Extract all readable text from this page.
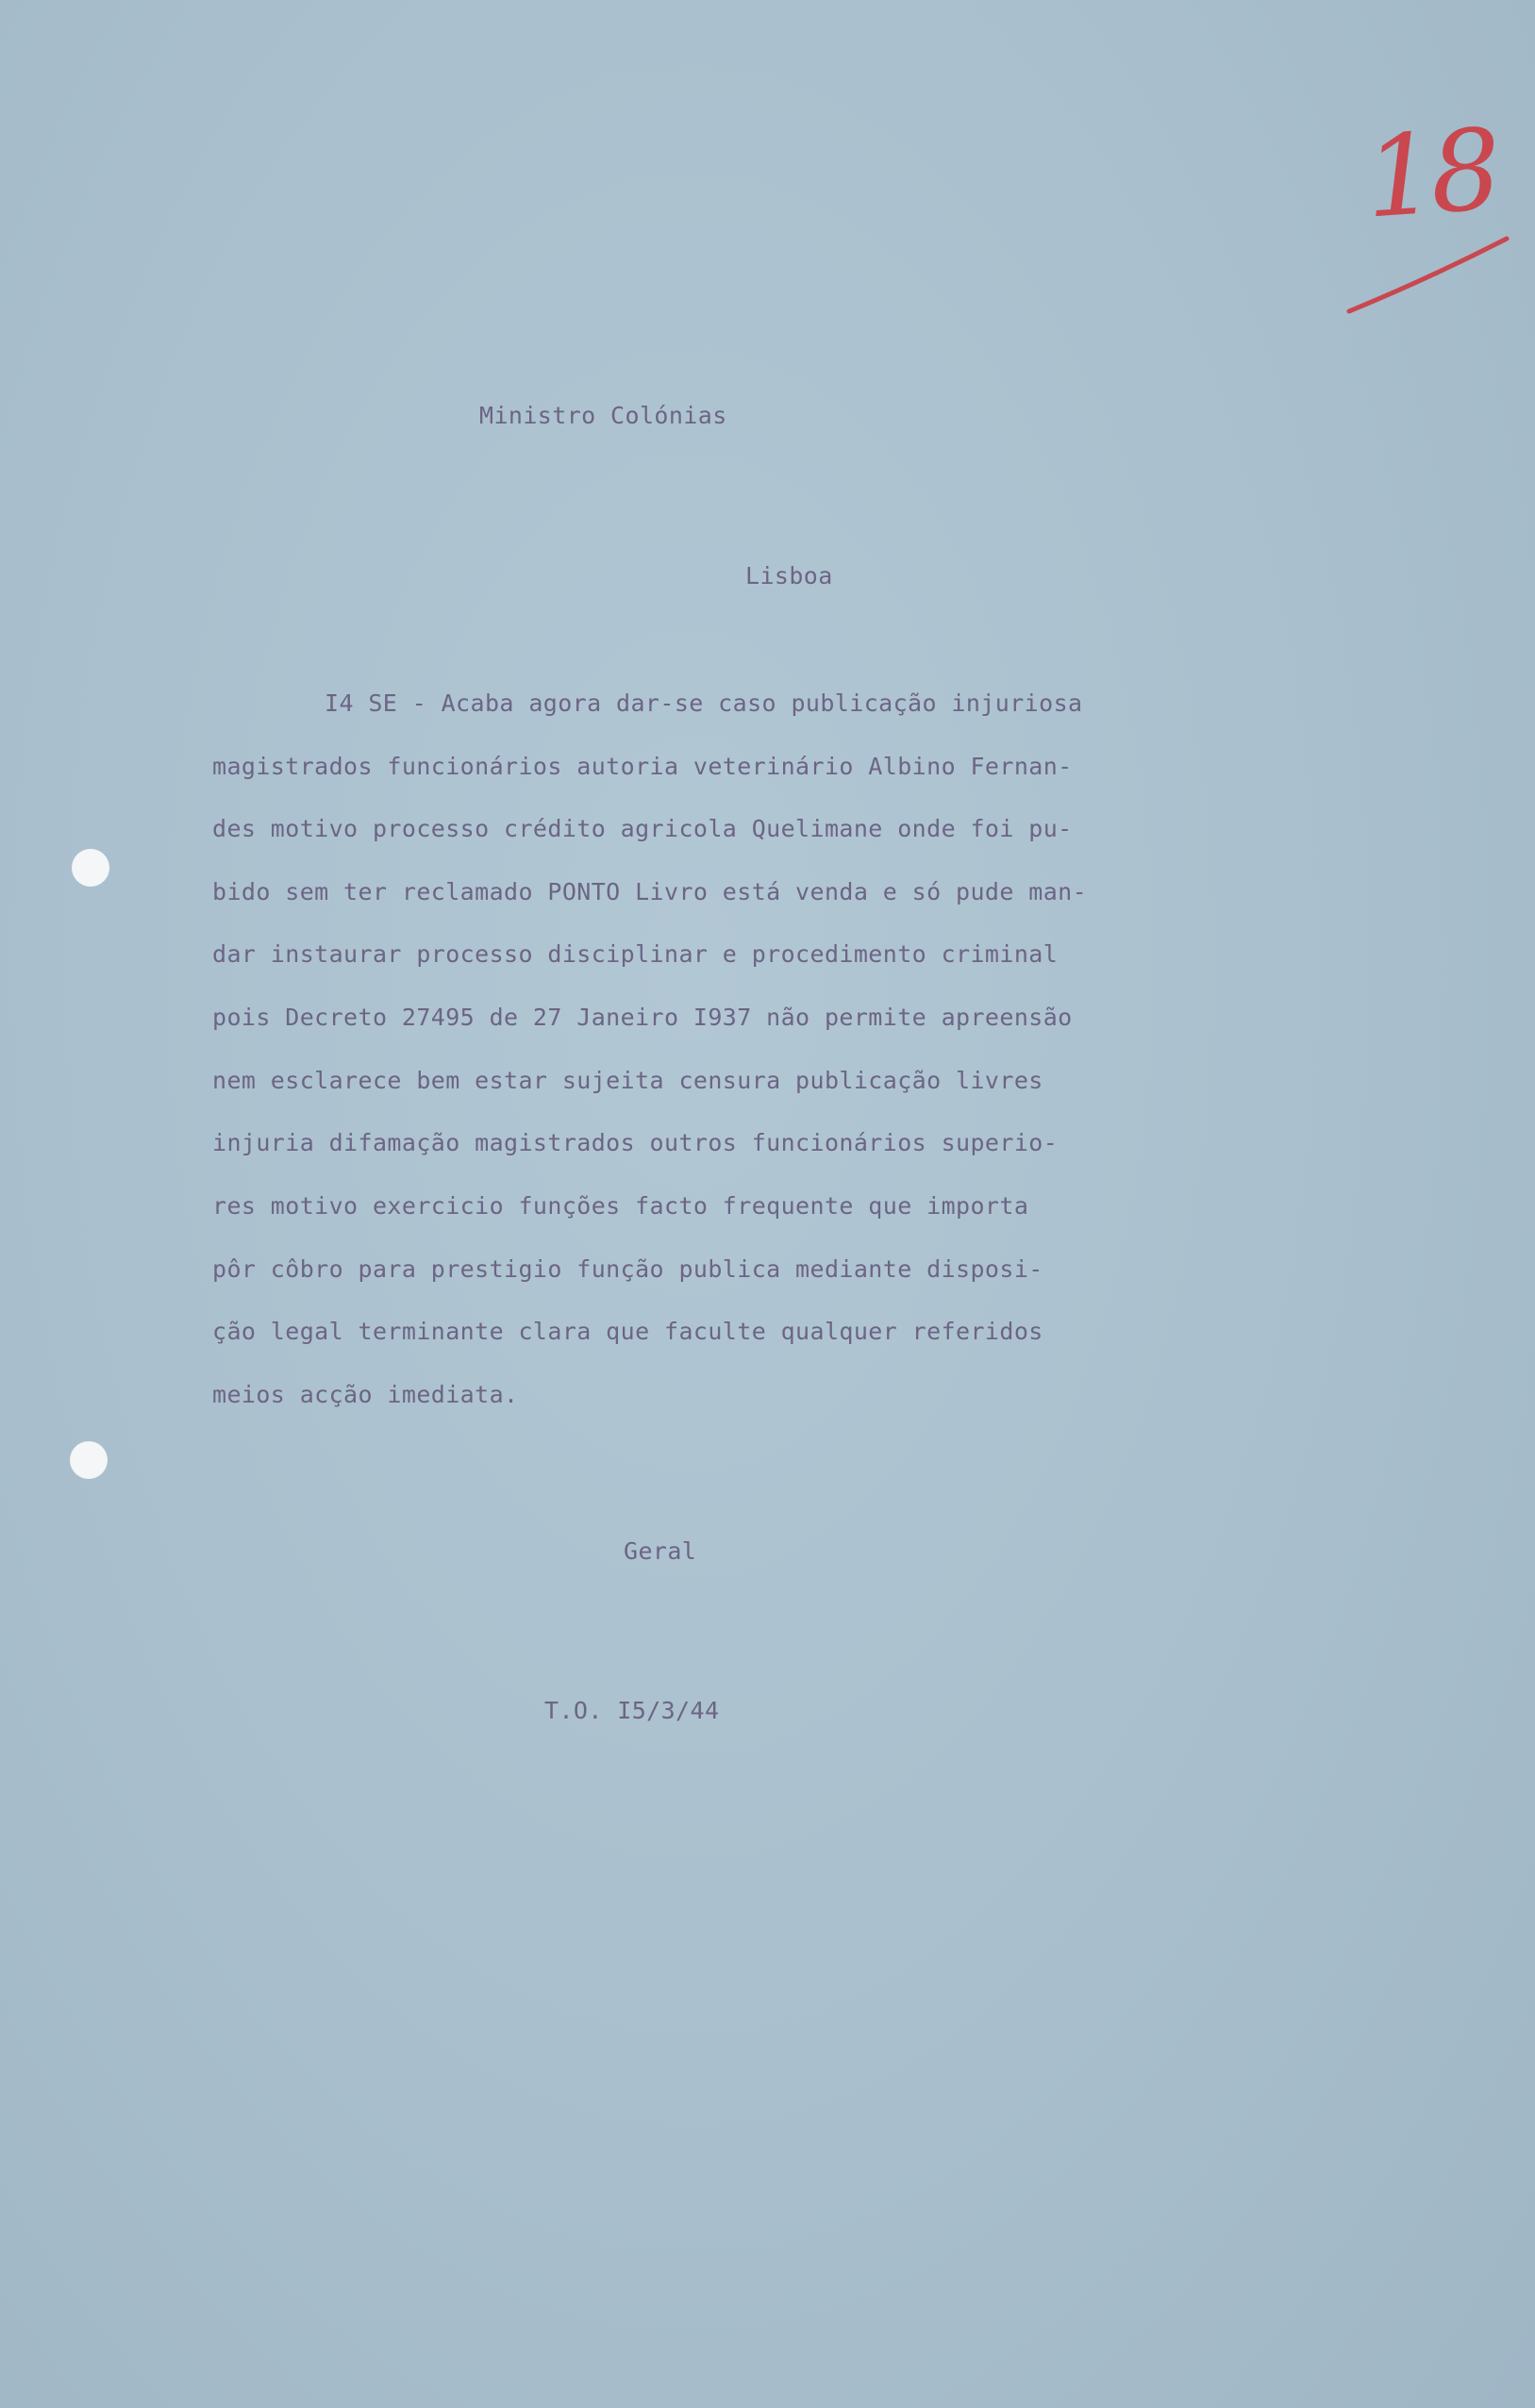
18
Ministro Colónias
Lisboa
I4 SE - Acaba agora dar-se caso publicação injuriosa
magistrados funcionários autoria veterinário Albino Fernan-
des motivo processo crédito agricola Quelimane onde foi pu-
bido sem ter reclamado PONTO Livro está venda e só pude man-
dar instaurar processo disciplinar e procedimento criminal
pois Decreto 27495 de 27 Janeiro I937 não permite apreensão
nem esclarece bem estar sujeita censura publicação livres
injuria difamação magistrados outros funcionários superio-
res motivo exercicio funções facto frequente que importa
pôr côbro para prestigio função publica mediante disposi-
ção legal terminante clara que faculte qualquer referidos
meios acção imediata.
Geral
T.O. I5/3/44
